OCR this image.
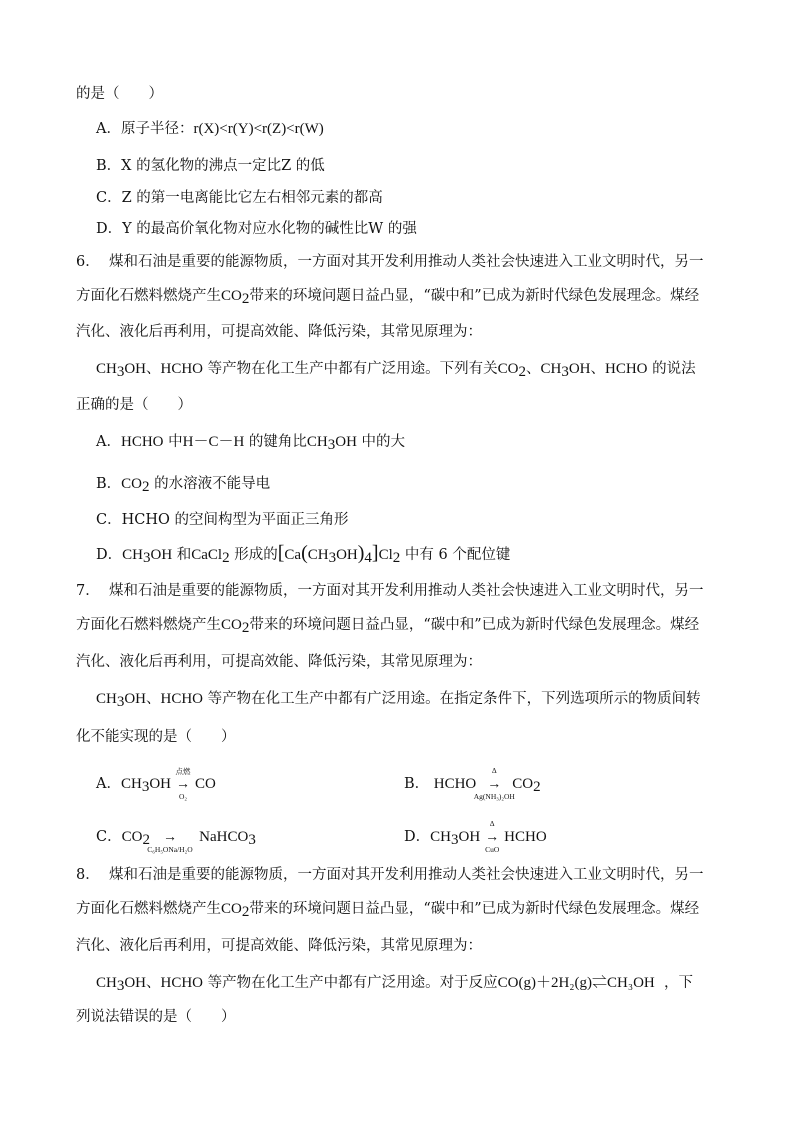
的是（　　）
A．原子半径：r(X)<r(Y)<r(Z)<r(W)
B．X 的氢化物的沸点一定比Z 的低
C．Z 的第一电离能比它左右相邻元素的都高
D．Y 的最高价氧化物对应水化物的碱性比W 的强
6． 煤和石油是重要的能源物质，一方面对其开发利用推动人类社会快速进入工业文明时代，另一
方面化石燃料燃烧产生CO2带来的环境问题日益凸显，“碳中和”已成为新时代绿色发展理念。煤经
汽化、液化后再利用，可提高效能、降低污染，其常见原理为：
CH3OH、HCHO 等产物在化工生产中都有广泛用途。下列有关CO2、CH3OH、HCHO 的说法
正确的是（　　）
A．HCHO 中H－C－H 的键角比CH3OH 中的大
B．CO2 的水溶液不能导电
C．HCHO 的空间构型为平面正三角形
D．CH3OH 和CaCl2 形成的[Ca(CH3OH)4]Cl2 中有 6 个配位键
7． 煤和石油是重要的能源物质，一方面对其开发利用推动人类社会快速进入工业文明时代，另一
方面化石燃料燃烧产生CO2带来的环境问题日益凸显，“碳中和”已成为新时代绿色发展理念。煤经
汽化、液化后再利用，可提高效能、降低污染，其常见原理为：
CH3OH、HCHO 等产物在化工生产中都有广泛用途。在指定条件下，下列选项所示的物质间转
化不能实现的是（　　）
A．CH3OH
点燃
→
O₂
CO	B． HCHO
Δ
→
Ag(NH₃)₂OH
CO2
C．CO2 →
C₆H₅ONa/H₂O
NaHCO3	D．CH3OH
Δ
→
CuO
HCHO
8． 煤和石油是重要的能源物质，一方面对其开发利用推动人类社会快速进入工业文明时代，另一
方面化石燃料燃烧产生CO2带来的环境问题日益凸显，“碳中和”已成为新时代绿色发展理念。煤经
汽化、液化后再利用，可提高效能、降低污染，其常见原理为：
CH3OH、HCHO 等产物在化工生产中都有广泛用途。对于反应CO(g)＋2H₂(g)⇌CH₃OH ，下
列说法错误的是（　　）
